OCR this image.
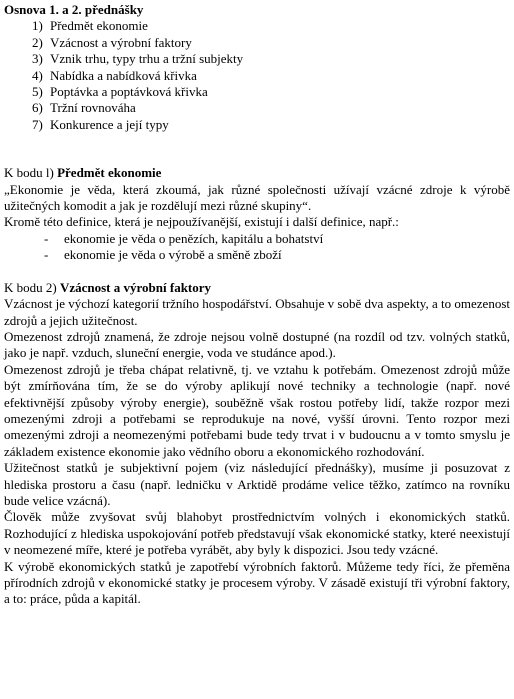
Osnova 1. a 2. přednášky

1) Předmět ekonomie
2) Vzácnost a výrobní faktory
3) Vznik trhu, typy trhu a tržní subjekty
4) Nabídka a nabídková křivka
5) Poptávka a poptávková křivka
6) Tržní rovnováha
7) Konkurence a její typy

K bodu l) Předmět ekonomie

„Ekonomie je věda, která zkoumá, jak různé společnosti užívají vzácné zdroje k výrobě užitečných komodit a jak je rozdělují mezi různé skupiny“.

Kromě této definice, která je nejpoužívanější, existují i další definice, např.:

- ekonomie je věda o penězích, kapitálu a bohatství
- ekonomie je věda o výrobě a směně zboží

K bodu 2) Vzácnost a výrobní faktory

Vzácnost je výchozí kategorií tržního hospodářství. Obsahuje v sobě dva aspekty, a to omezenost zdrojů a jejich užitečnost.

Omezenost zdrojů znamená, že zdroje nejsou volně dostupné (na rozdíl od tzv. volných statků, jako je např. vzduch, sluneční energie, voda ve studánce apod.).

Omezenost zdrojů je třeba chápat relativně, tj. ve vztahu k potřebám. Omezenost zdrojů může být zmírňována tím, že se do výroby aplikují nové techniky a technologie (např. nové efektivnější způsoby výroby energie), souběžně však rostou potřeby lidí, takže rozpor mezi omezenými zdroji a potřebami se reprodukuje na nové, vyšší úrovni. Tento rozpor mezi omezenými zdroji a neomezenými potřebami bude tedy trvat i v budoucnu a v tomto smyslu je základem existence ekonomie jako vědního oboru a ekonomického rozhodování.

Užitečnost statků je subjektivní pojem (viz následující přednášky), musíme ji posuzovat z hlediska prostoru a času (např. ledničku v Arktidě prodáme velice těžko, zatímco na rovníku bude velice vzácná).

Člověk může zvyšovat svůj blahobyt prostřednictvím volných i ekonomických statků. Rozhodující z hlediska uspokojování potřeb představují však ekonomické statky, které neexistují v neomezené míře, které je potřeba vyrábět, aby byly k dispozici. Jsou tedy vzácné.

K výrobě ekonomických statků je zapotřebí výrobních faktorů. Můžeme tedy říci, že přeměna přírodních zdrojů v ekonomické statky je procesem výroby. V zásadě existují tři výrobní faktory, a to: práce, půda a kapitál.
